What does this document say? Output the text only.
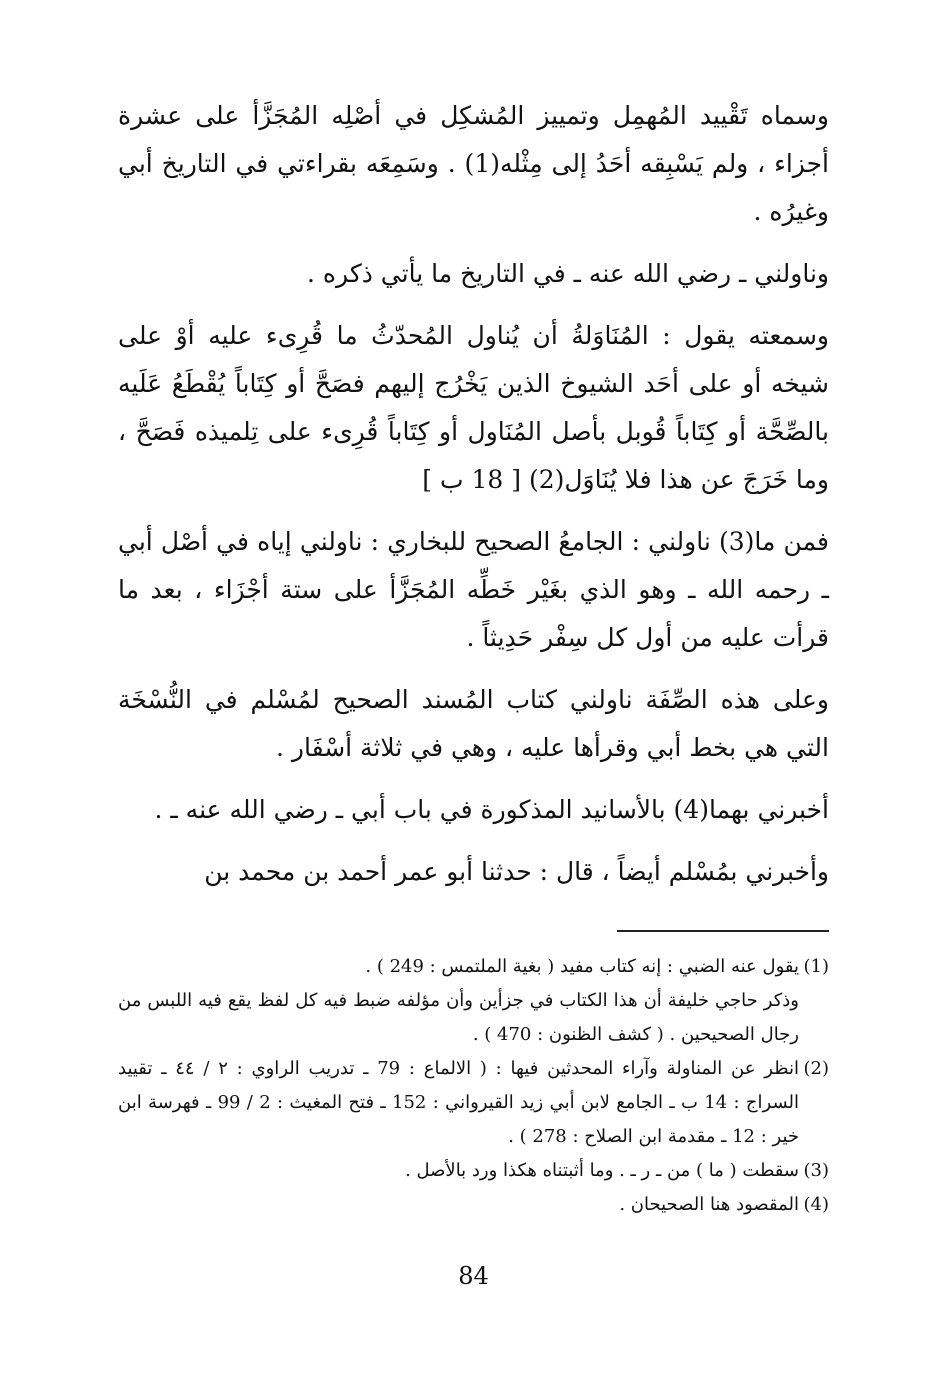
وسماه تَقْييد المُهمِل وتمييز المُشكِل في أصْلِه المُجَزَّأ على عشرة أجزاء ، ولم يَسْبِقه أحَدُ إلى مِثْله(1) . وسَمِعَه بقراءتي في التاريخ أبي وغيرُه .

وناولني ـ رضي الله عنه ـ في التاريخ ما يأتي ذكره .

وسمعته يقول : المُنَاوَلةُ أن يُناول المُحدّثُ ما قُرِىء عليه أوْ على شيخه أو على أحَد الشيوخ الذين يَخْرُج إليهم فصَحَّ أو كِتَاباً يُقْطَعُ عَلَيه بالصِّحَّة أو كِتَاباً قُوبل بأصل المُنَاول أو كِتَاباً قُرِىء على تِلميذه فَصَحَّ ، وما خَرَجَ عن هذا فلا يُنَاوَل(2) [ 18 ب ]

فمن ما(3) ناولني : الجامعُ الصحيح للبخاري : ناولني إياه في أصْل أبي ـ رحمه الله ـ وهو الذي بغَيْر خَطِّه المُجَزَّأ على ستة أجْزَاء ، بعد ما قرأت عليه من أول كل سِفْر حَدِيثاً .

وعلى هذه الصِّفَة ناولني كتاب المُسند الصحيح لمُسْلم في النُّسْخَة التي هي بخط أبي وقرأها عليه ، وهي في ثلاثة أسْفَار .

أخبرني بهما(4) بالأسانيد المذكورة في باب أبي ـ رضي الله عنه ـ .

وأخبرني بمُسْلم أيضاً ، قال : حدثنا أبو عمر أحمد بن محمد بن

(1)
يقول عنه الضبي : إنه كتاب مفيد ( بغية الملتمس : 249 ) .
وذكر حاجي خليفة أن هذا الكتاب في جزأين وأن مؤلفه ضبط فيه كل لفظ يقع فيه اللبس من رجال الصحيحين . ( كشف الظنون : 470 ) .
(2)
انظر عن المناولة وآراء المحدثين فيها : ( الالماع : 79 ـ تدريب الراوي : ٢ / ٤٤ ـ تقييد السراج : 14 ب ـ الجامع لابن أبي زيد القيرواني : 152 ـ فتح المغيث : 2 / 99 ـ فهرسة ابن خير : 12 ـ مقدمة ابن الصلاح : 278 ) .
(3)
سقطت ( ما ) من ـ ر ـ . وما أثبتناه هكذا ورد بالأصل .
(4)
المقصود هنا الصحيحان .
84
